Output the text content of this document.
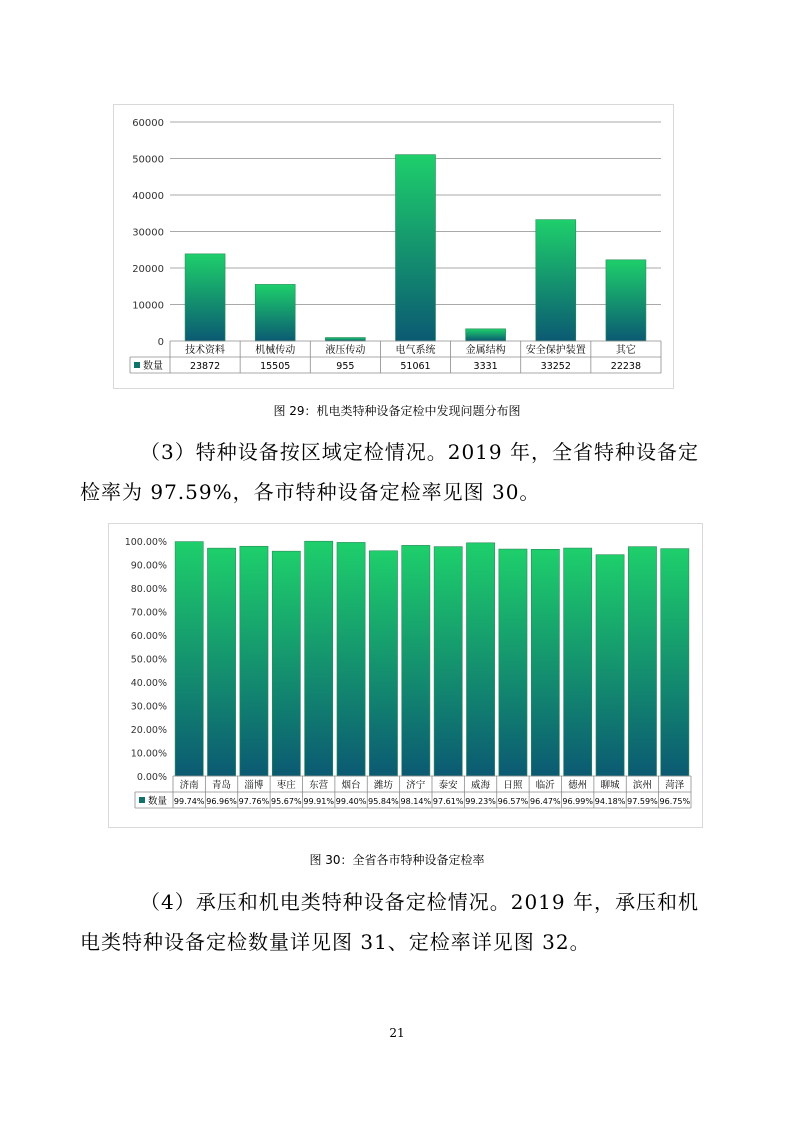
0
10000
20000
30000
40000
50000
60000
技术资料
23872
机械传动
15505
液压传动
955
电气系统
51061
金属结构
3331
安全保护装置
33252
其它
22238
数量
图 29：机电类特种设备定检中发现问题分布图
（3）特种设备按区域定检情况。2019 年，全省特种设备定
检率为 97.59%，各市特种设备定检率见图 30。
0.00%
10.00%
20.00%
30.00%
40.00%
50.00%
60.00%
70.00%
80.00%
90.00%
100.00%
济南
99.74%
青岛
96.96%
淄博
97.76%
枣庄
95.67%
东营
99.91%
烟台
99.40%
潍坊
95.84%
济宁
98.14%
泰安
97.61%
威海
99.23%
日照
96.57%
临沂
96.47%
德州
96.99%
聊城
94.18%
滨州
97.59%
菏泽
96.75%
数量
图 30：全省各市特种设备定检率
（4）承压和机电类特种设备定检情况。2019 年，承压和机
电类特种设备定检数量详见图 31、定检率详见图 32。
21
